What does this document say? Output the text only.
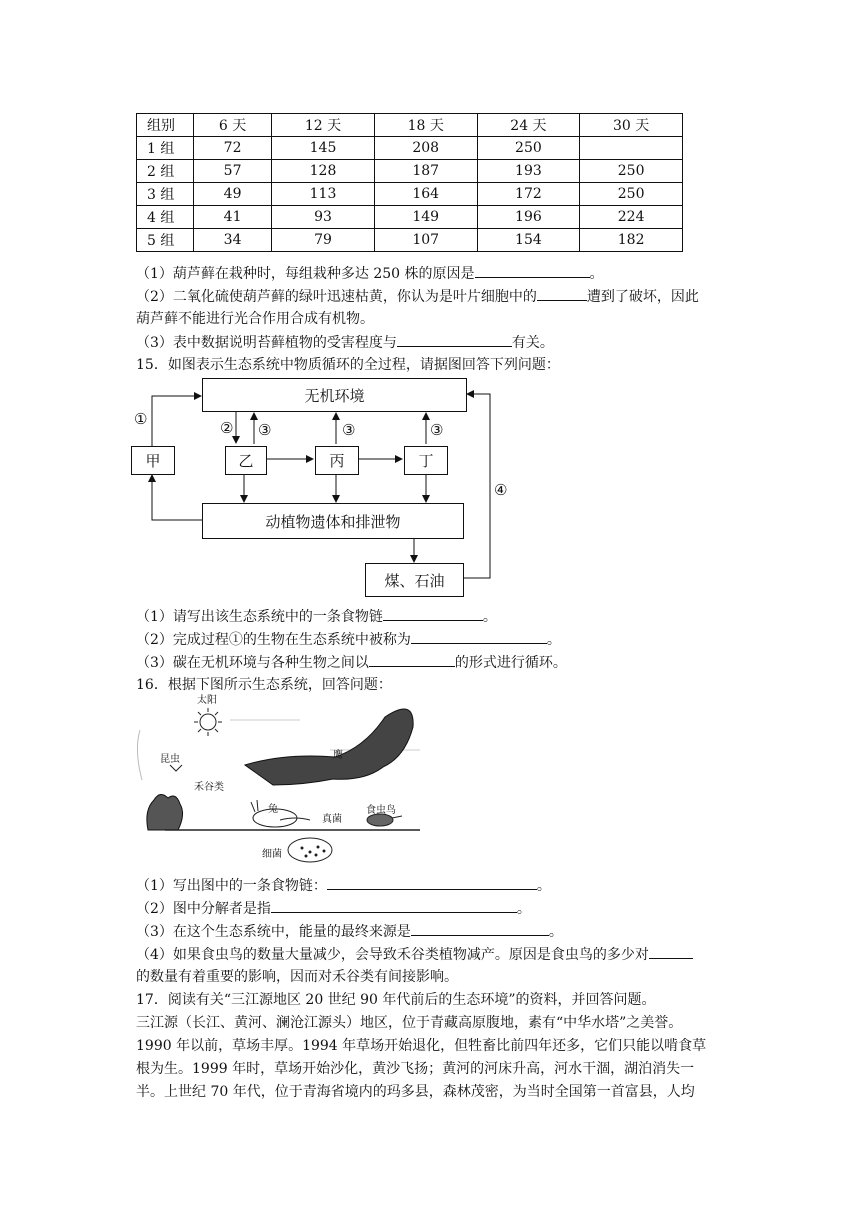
组别	6 天	12 天	18 天	24 天	30 天
1 组	72	145	208	250	
2 组	57	128	187	193	250
3 组	49	113	164	172	250
4 组	41	93	149	196	224
5 组	34	79	107	154	182
（1）葫芦藓在栽种时，每组栽种多达 250 株的原因是	。
（2）二氧化硫使葫芦藓的绿叶迅速枯黄，你认为是叶片细胞中的	遭到了破坏，因此
葫芦藓不能进行光合作用合成有机物。
（3）表中数据说明苔藓植物的受害程度与	有关。
15．如图表示生态系统中物质循环的全过程，请据图回答下列问题：
无机环境
甲	乙	丙	丁
动植物遗体和排泄物
煤、石油
①	② ③	③	③
④
（1）请写出该生态系统中的一条食物链	。
（2）完成过程①的生物在生态系统中被称为	。
（3）碳在无机环境与各种生物之间以	的形式进行循环。
16．根据下图所示生态系统，回答问题：
太阳
昆虫	鹰
禾谷类
兔
真菌
食虫鸟
细菌
（1）写出图中的一条食物链：	。
（2）图中分解者是指	。
（3）在这个生态系统中，能量的最终来源是	。
（4）如果食虫鸟的数量大量减少，会导致禾谷类植物减产。原因是食虫鸟的多少对
的数量有着重要的影响，因而对禾谷类有间接影响。
17．阅读有关“三江源地区 20 世纪 90 年代前后的生态环境”的资料，并回答问题。
三江源（长江、黄河、澜沧江源头）地区，位于青藏高原腹地，素有“中华水塔”之美誉。
1990 年以前，草场丰厚。1994 年草场开始退化，但牲畜比前四年还多，它们只能以啃食草
根为生。1999 年时，草场开始沙化，黄沙飞扬；黄河的河床升高，河水干涸，湖泊消失一
半。上世纪 70 年代，位于青海省境内的玛多县，森林茂密，为当时全国第一首富县，人均
